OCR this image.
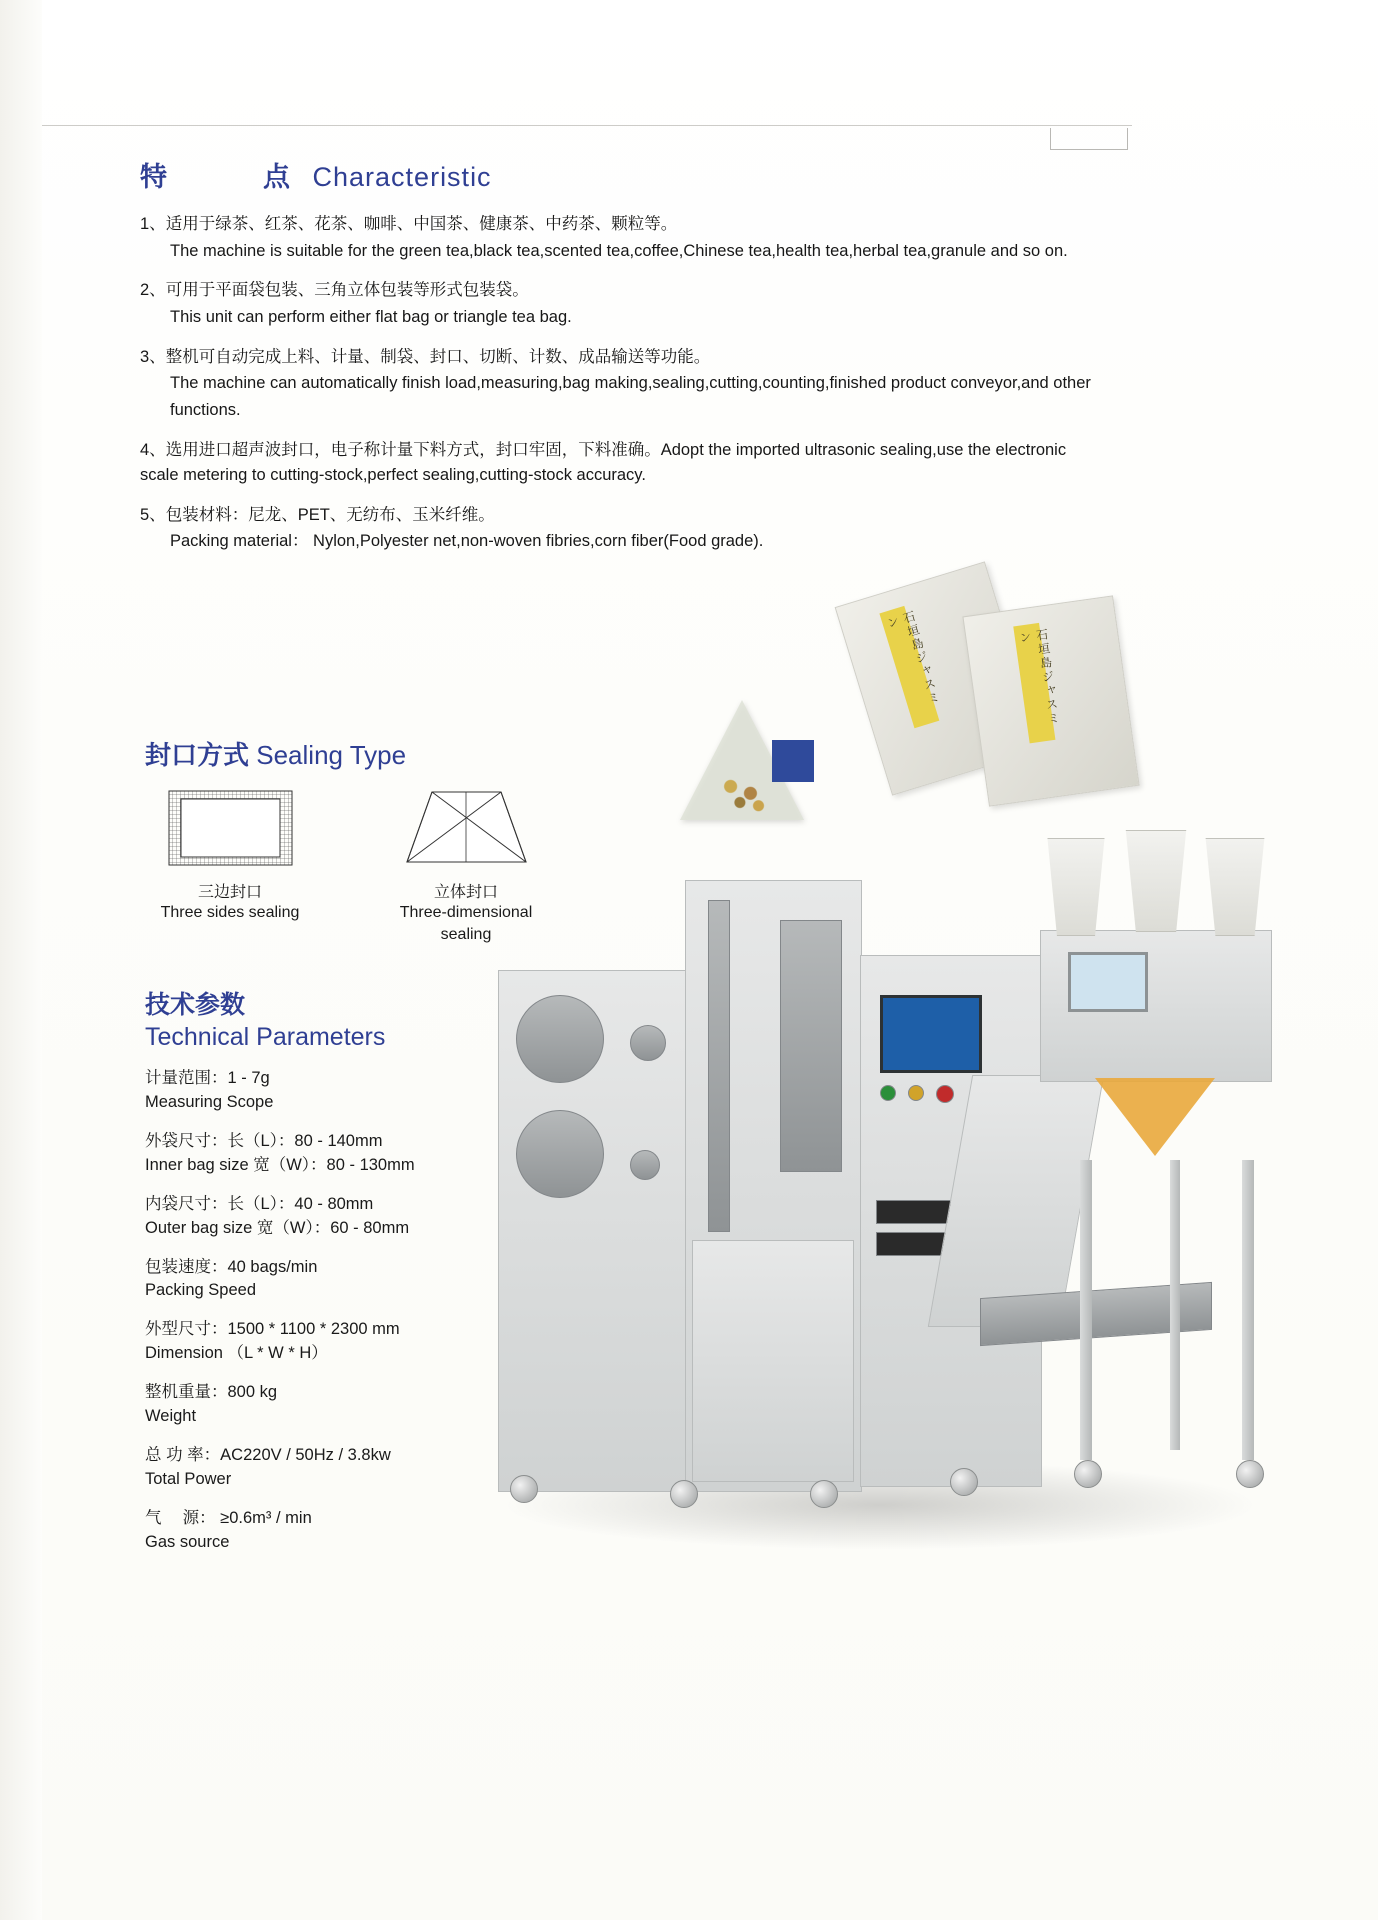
特　　点 Characteristic
1、适用于绿茶、红茶、花茶、咖啡、中国茶、健康茶、中药茶、颗粒等。
The machine is suitable for the green tea,black tea,scented tea,coffee,Chinese tea,health tea,herbal tea,granule and so on.
2、可用于平面袋包装、三角立体包装等形式包装袋。
This unit can perform either flat bag or triangle tea bag.
3、整机可自动完成上料、计量、制袋、封口、切断、计数、成品输送等功能。
The machine can automatically finish load,measuring,bag making,sealing,cutting,counting,finished product conveyor,and other functions.
4、选用进口超声波封口，电子称计量下料方式，封口牢固，下料准确。Adopt the imported ultrasonic sealing,use the electronic scale metering to cutting-stock,perfect sealing,cutting-stock accuracy.
5、包装材料：尼龙、PET、无纺布、玉米纤维。
Packing material： Nylon,Polyester net,non-woven fibries,corn fiber(Food grade).
封口方式 Sealing Type
三边封口
Three sides sealing
立体封口
Three-dimensional sealing
技术参数
Technical Parameters
计量范围：1 - 7g
Measuring Scope
外袋尺寸：长（L）：80 - 140mm
Inner bag size 宽（W）：80 - 130mm
内袋尺寸：长（L）：40 - 80mm
Outer bag size 宽（W）：60 - 80mm
包装速度：40 bags/min
Packing Speed
外型尺寸：1500 * 1100 * 2300 mm
Dimension （L * W * H）
整机重量：800 kg
Weight
总 功 率：AC220V / 50Hz / 3.8kw
Total Power
气　 源： ≥0.6m³ / min
Gas source
石垣島ジャスミン
石垣島ジャスミン
